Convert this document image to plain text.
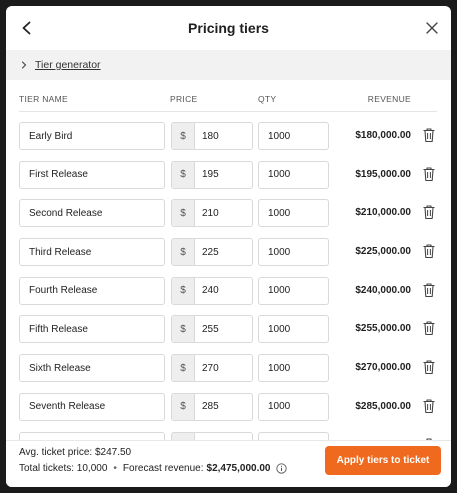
Pricing tiers
Tier generator
TIER NAME	PRICE	QTY	REVENUE
Early Bird	$	180	1000	$180,000.00
First Release	$	195	1000	$195,000.00
Second Release	$	210	1000	$210,000.00
Third Release	$	225	1000	$225,000.00
Fourth Release	$	240	1000	$240,000.00
Fifth Release	$	255	1000	$255,000.00
Sixth Release	$	270	1000	$270,000.00
Seventh Release	$	285	1000	$285,000.00
Avg. ticket price: $247.50
Total tickets: 10,000 • Forecast revenue: $2,475,000.00
Apply tiers to ticket
